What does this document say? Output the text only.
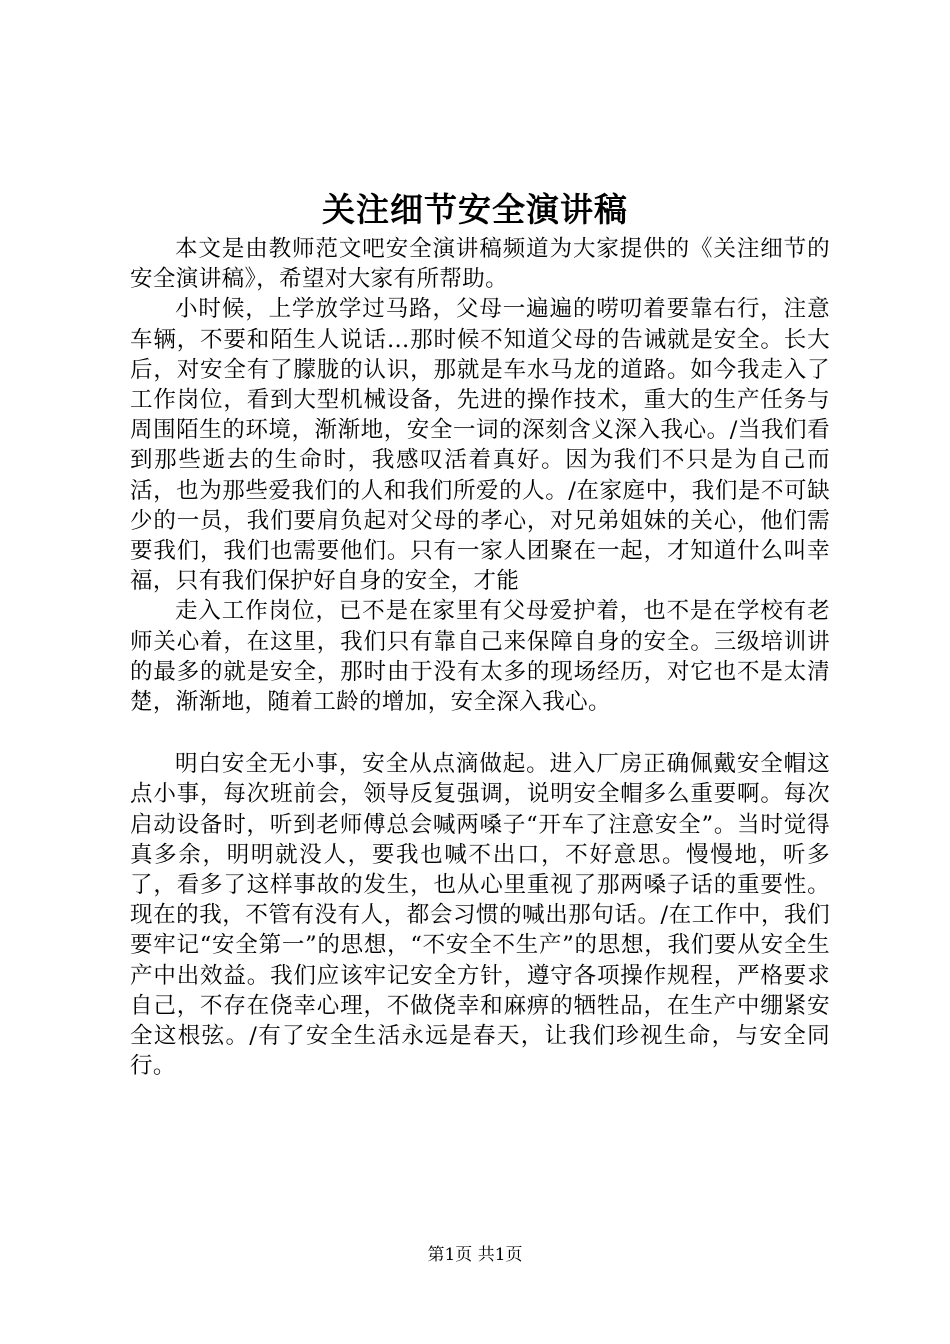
关注细节安全演讲稿

本文是由教师范文吧安全演讲稿频道为大家提供的《关注细节的安全演讲稿》，希望对大家有所帮助。

小时候，上学放学过马路，父母一遍遍的唠叨着要靠右行，注意车辆，不要和陌生人说话…那时候不知道父母的告诫就是安全。长大后，对安全有了朦胧的认识，那就是车水马龙的道路。如今我走入了工作岗位，看到大型机械设备，先进的操作技术，重大的生产任务与周围陌生的环境，渐渐地，安全一词的深刻含义深入我心。/当我们看到那些逝去的生命时，我感叹活着真好。因为我们不只是为自己而活，也为那些爱我们的人和我们所爱的人。/在家庭中，我们是不可缺少的一员，我们要肩负起对父母的孝心，对兄弟姐妹的关心，他们需要我们，我们也需要他们。只有一家人团聚在一起，才知道什么叫幸福，只有我们保护好自身的安全，才能

走入工作岗位，已不是在家里有父母爱护着，也不是在学校有老师关心着，在这里，我们只有靠自己来保障自身的安全。三级培训讲的最多的就是安全，那时由于没有太多的现场经历，对它也不是太清楚，渐渐地，随着工龄的增加，安全深入我心。

明白安全无小事，安全从点滴做起。进入厂房正确佩戴安全帽这点小事，每次班前会，领导反复强调，说明安全帽多么重要啊。每次启动设备时，听到老师傅总会喊两嗓子“开车了注意安全”。当时觉得真多余，明明就没人，要我也喊不出口，不好意思。慢慢地，听多了，看多了这样事故的发生，也从心里重视了那两嗓子话的重要性。现在的我，不管有没有人，都会习惯的喊出那句话。/在工作中，我们要牢记“安全第一”的思想，“不安全不生产”的思想，我们要从安全生产中出效益。我们应该牢记安全方针，遵守各项操作规程，严格要求自己，不存在侥幸心理，不做侥幸和麻痹的牺牲品，在生产中绷紧安全这根弦。/有了安全生活永远是春天，让我们珍视生命，与安全同行。

第1页 共1页
